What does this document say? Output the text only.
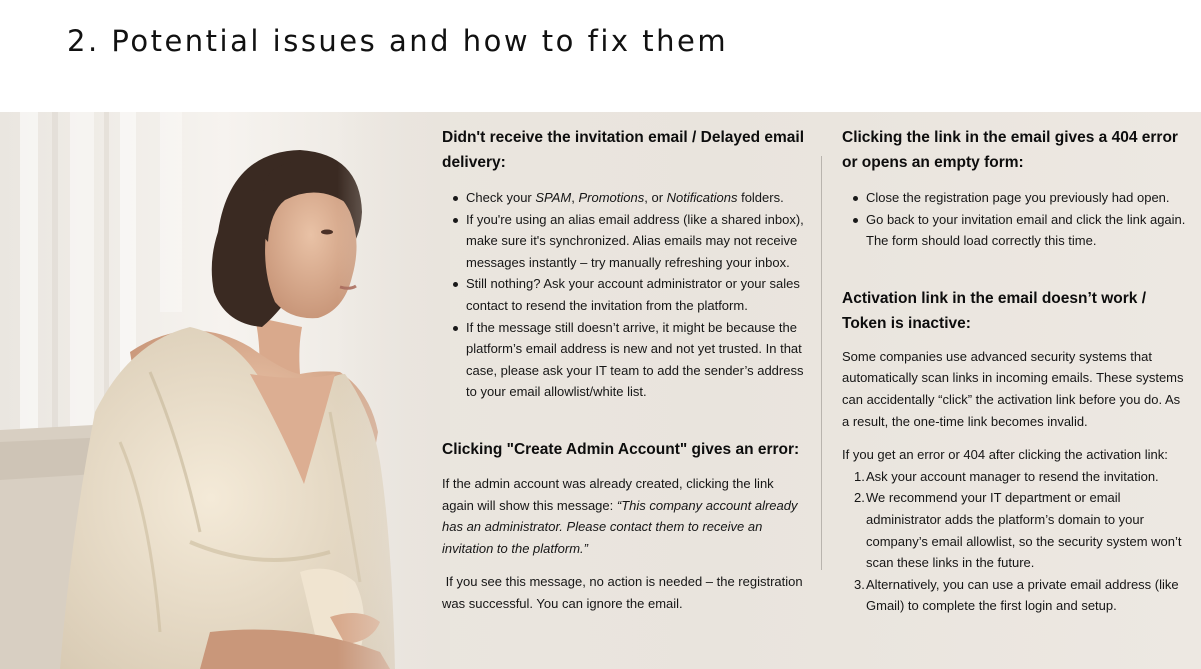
2. Potential issues and how to fix them
Didn't receive the invitation email / Delayed email delivery:
Check your SPAM, Promotions, or Notifications folders.
If you're using an alias email address (like a shared inbox), make sure it's synchronized. Alias emails may not receive messages instantly – try manually refreshing your inbox.
Still nothing? Ask your account administrator or your sales contact to resend the invitation from the platform.
If the message still doesn’t arrive, it might be because the platform’s email address is new and not yet trusted. In that case, please ask your IT team to add the sender’s address to your email allowlist/white list.
Clicking "Create Admin Account" gives an error:

If the admin account was already created, clicking the link again will show this message: “This company account already has an administrator. Please contact them to receive an invitation to the platform.”

If you see this message, no action is needed – the registration was successful. You can ignore the email.

Clicking the link in the email gives a 404 error or opens an empty form:
Close the registration page you previously had open.
Go back to your invitation email and click the link again. The form should load correctly this time.
Activation link in the email doesn’t work / Token is inactive:

Some companies use advanced security systems that automatically scan links in incoming emails. These systems can accidentally “click” the activation link before you do. As a result, the one-time link becomes invalid.

If you get an error or 404 after clicking the activation link:

1. Ask your account manager to resend the invitation.
2. We recommend your IT department or email administrator adds the platform’s domain to your company’s email allowlist, so the security system won’t scan these links in the future.
3. Alternatively, you can use a private email address (like Gmail) to complete the first login and setup.
